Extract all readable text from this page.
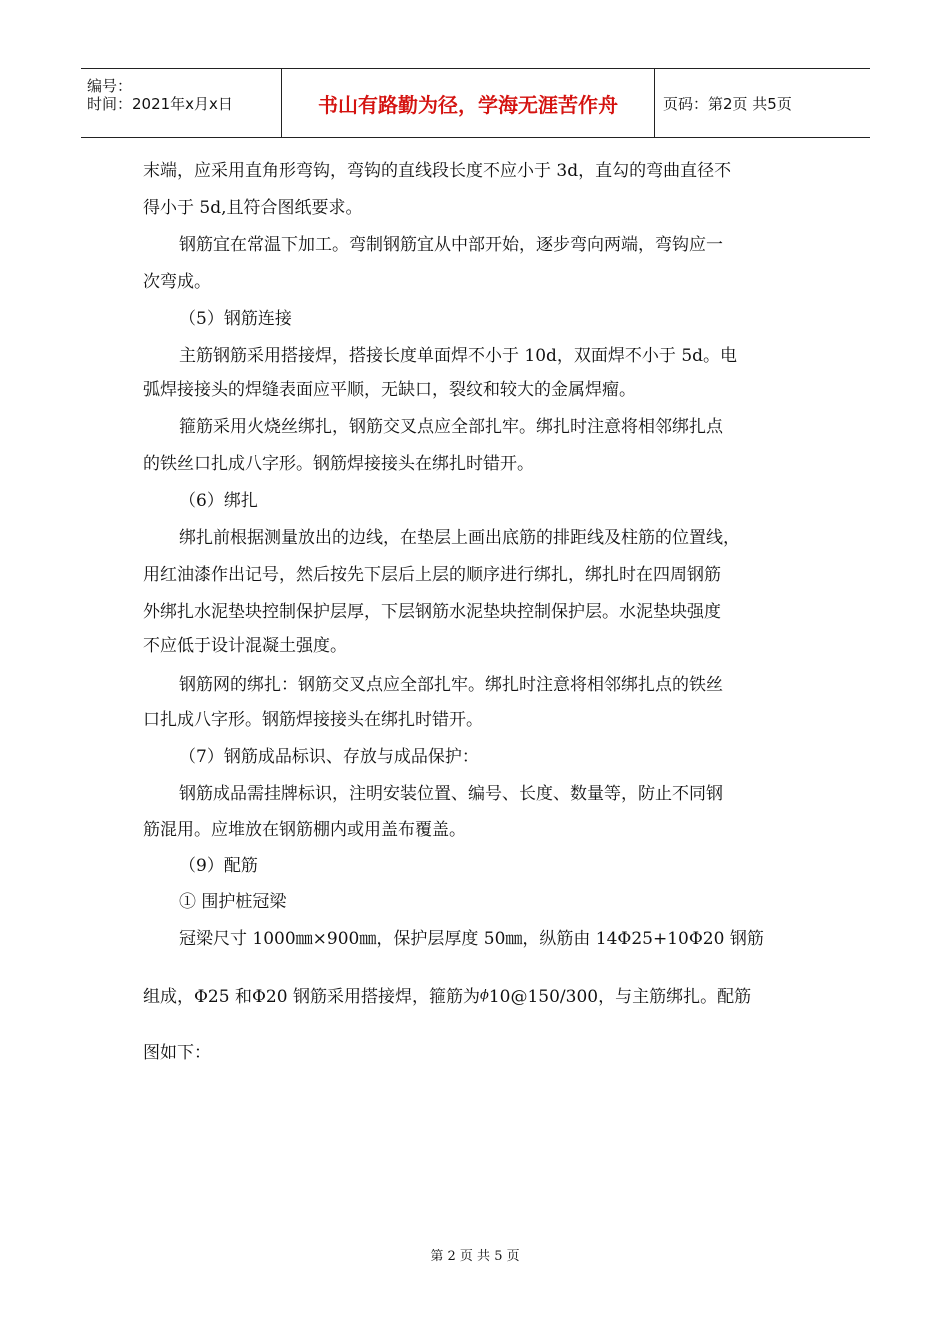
编号：
时间：2021年x月x日	书山有路勤为径，学海无涯苦作舟	页码：第2页 共5页
末端，应采用直角形弯钩，弯钩的直线段长度不应小于 3d，直勾的弯曲直径不
得小于 5d,且符合图纸要求。
钢筋宜在常温下加工。弯制钢筋宜从中部开始，逐步弯向两端，弯钩应一
次弯成。
（5）钢筋连接
主筋钢筋采用搭接焊，搭接长度单面焊不小于 10d，双面焊不小于 5d。电
弧焊接接头的焊缝表面应平顺，无缺口，裂纹和较大的金属焊瘤。
箍筋采用火烧丝绑扎，钢筋交叉点应全部扎牢。绑扎时注意将相邻绑扎点
的铁丝口扎成八字形。钢筋焊接接头在绑扎时错开。
（6）绑扎
绑扎前根据测量放出的边线，在垫层上画出底筋的排距线及柱筋的位置线，
用红油漆作出记号，然后按先下层后上层的顺序进行绑扎，绑扎时在四周钢筋
外绑扎水泥垫块控制保护层厚，下层钢筋水泥垫块控制保护层。水泥垫块强度
不应低于设计混凝土强度。
钢筋网的绑扎：钢筋交叉点应全部扎牢。绑扎时注意将相邻绑扎点的铁丝
口扎成八字形。钢筋焊接接头在绑扎时错开。
（7）钢筋成品标识、存放与成品保护：
钢筋成品需挂牌标识，注明安装位置、编号、长度、数量等，防止不同钢
筋混用。应堆放在钢筋棚内或用盖布覆盖。
（9）配筋
① 围护桩冠梁
冠梁尺寸 1000㎜×900㎜，保护层厚度 50㎜，纵筋由 14Φ25+10Φ20 钢筋
组成，Φ25 和Φ20 钢筋采用搭接焊，箍筋为ϕ10@150/300，与主筋绑扎。配筋
图如下：
第 2 页 共 5 页
